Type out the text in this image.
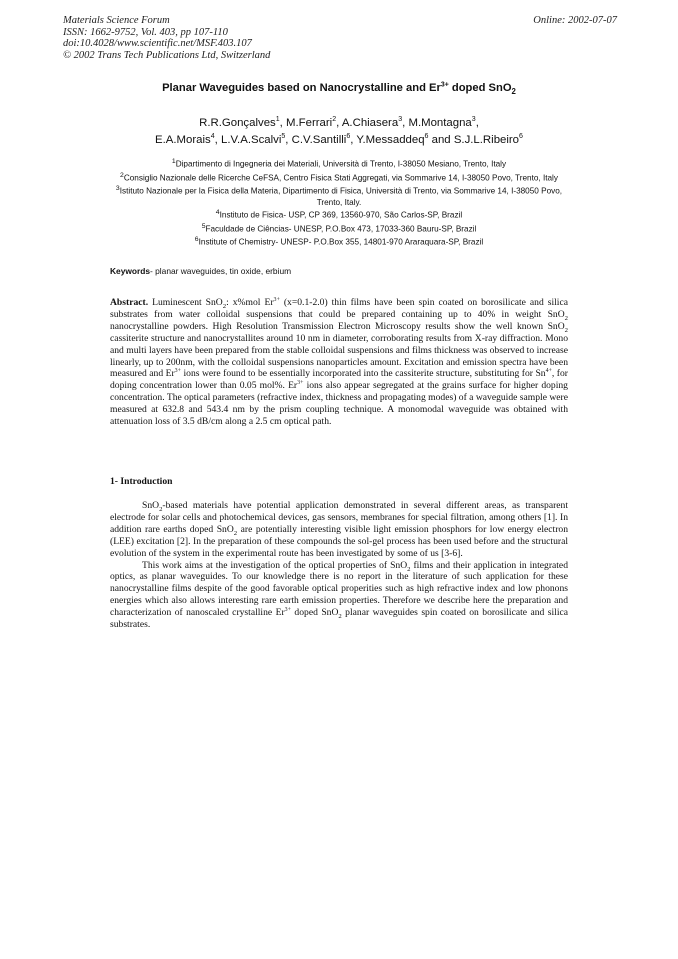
Materials Science Forum
ISSN: 1662-9752, Vol. 403, pp 107-110
doi:10.4028/www.scientific.net/MSF.403.107
© 2002 Trans Tech Publications Ltd, Switzerland
Online: 2002-07-07
Planar Waveguides based on Nanocrystalline and $Er^{3+}$ doped SnO$_2$
R.R.Gonçalves$^1$, M.Ferrari$^2$, A.Chiasera$^3$, M.Montagna$^3$,
E.A.Morais$^4$, L.V.A.Scalvi$^5$, C.V.Santilli$^6$, Y.Messaddeq$^6$ and S.J.L.Ribeiro$^6$
$^1$Dipartimento di Ingegneria dei Materiali, Università di Trento, I-38050 Mesiano, Trento, Italy
$^2$Consiglio Nazionale delle Ricerche CeFSA, Centro Fisica Stati Aggregati, via Sommarive 14, I-38050 Povo, Trento, Italy
$^3$Istituto Nazionale per la Fisica della Materia, Dipartimento di Fisica, Università di Trento, via Sommarive 14, I-38050 Povo, Trento, Italy.
$^4$Instituto de Fisica- USP, CP 369, 13560-970, São Carlos-SP, Brazil
$^5$Faculdade de Ciências- UNESP, P.O.Box 473, 17033-360 Bauru-SP, Brazil
$^6$Institute of Chemistry- UNESP- P.O.Box 355, 14801-970 Araraquara-SP, Brazil
Keywords- planar waveguides, tin oxide, erbium

Abstract. Luminescent SnO$_2$: x%mol $Er^{3+}$ (x=0.1-2.0) thin films have been spin coated on borosilicate and silica substrates from water colloidal suspensions that could be prepared containing up to 40% in weight SnO$_2$ nanocrystalline powders. High Resolution Transmission Electron Microscopy results show the well known SnO$_2$ cassiterite structure and nanocrystallites around 10 nm in diameter, corroborating results from X-ray diffraction. Mono and multi layers have been prepared from the stable colloidal suspensions and films thickness was observed to increase linearly, up to 200nm, with the colloidal suspensions nanoparticles amount. Excitation and emission spectra have been measured and $Er^{3+}$ ions were found to be essentially incorporated into the cassiterite structure, substituting for $Sn^{4+}$, for doping concentration lower than 0.05 mol%. $Er^{3+}$ ions also appear segregated at the grains surface for higher doping concentration. The optical parameters (refractive index, thickness and propagating modes) of a waveguide sample were measured at 632.8 and 543.4 nm by the prism coupling technique. A monomodal waveguide was obtained with attenuation loss of 3.5 dB/cm along a 2.5 cm optical path.

1- Introduction

SnO$_2$-based materials have potential application demonstrated in several different areas, as transparent electrode for solar cells and photochemical devices, gas sensors, membranes for special filtration, among others [1]. In addition rare earths doped SnO$_2$ are potentially interesting visible light emission phosphors for low energy electron (LEE) excitation [2]. In the preparation of these compounds the sol-gel process has been used before and the structural evolution of the system in the experimental route has been investigated by some of us [3-6].

This work aims at the investigation of the optical properties of SnO$_2$ films and their application in integrated optics, as planar waveguides. To our knowledge there is no report in the literature of such application for these nanocrystalline films despite of the good favorable optical properities such as high refractive index and low phonons energies which also allows interesting rare earth emission properties. Therefore we describe here the preparation and characterization of nanoscaled crystalline $Er^{3+}$ doped SnO$_2$ planar waveguides spin coated on borosilicate and silica substrates.
